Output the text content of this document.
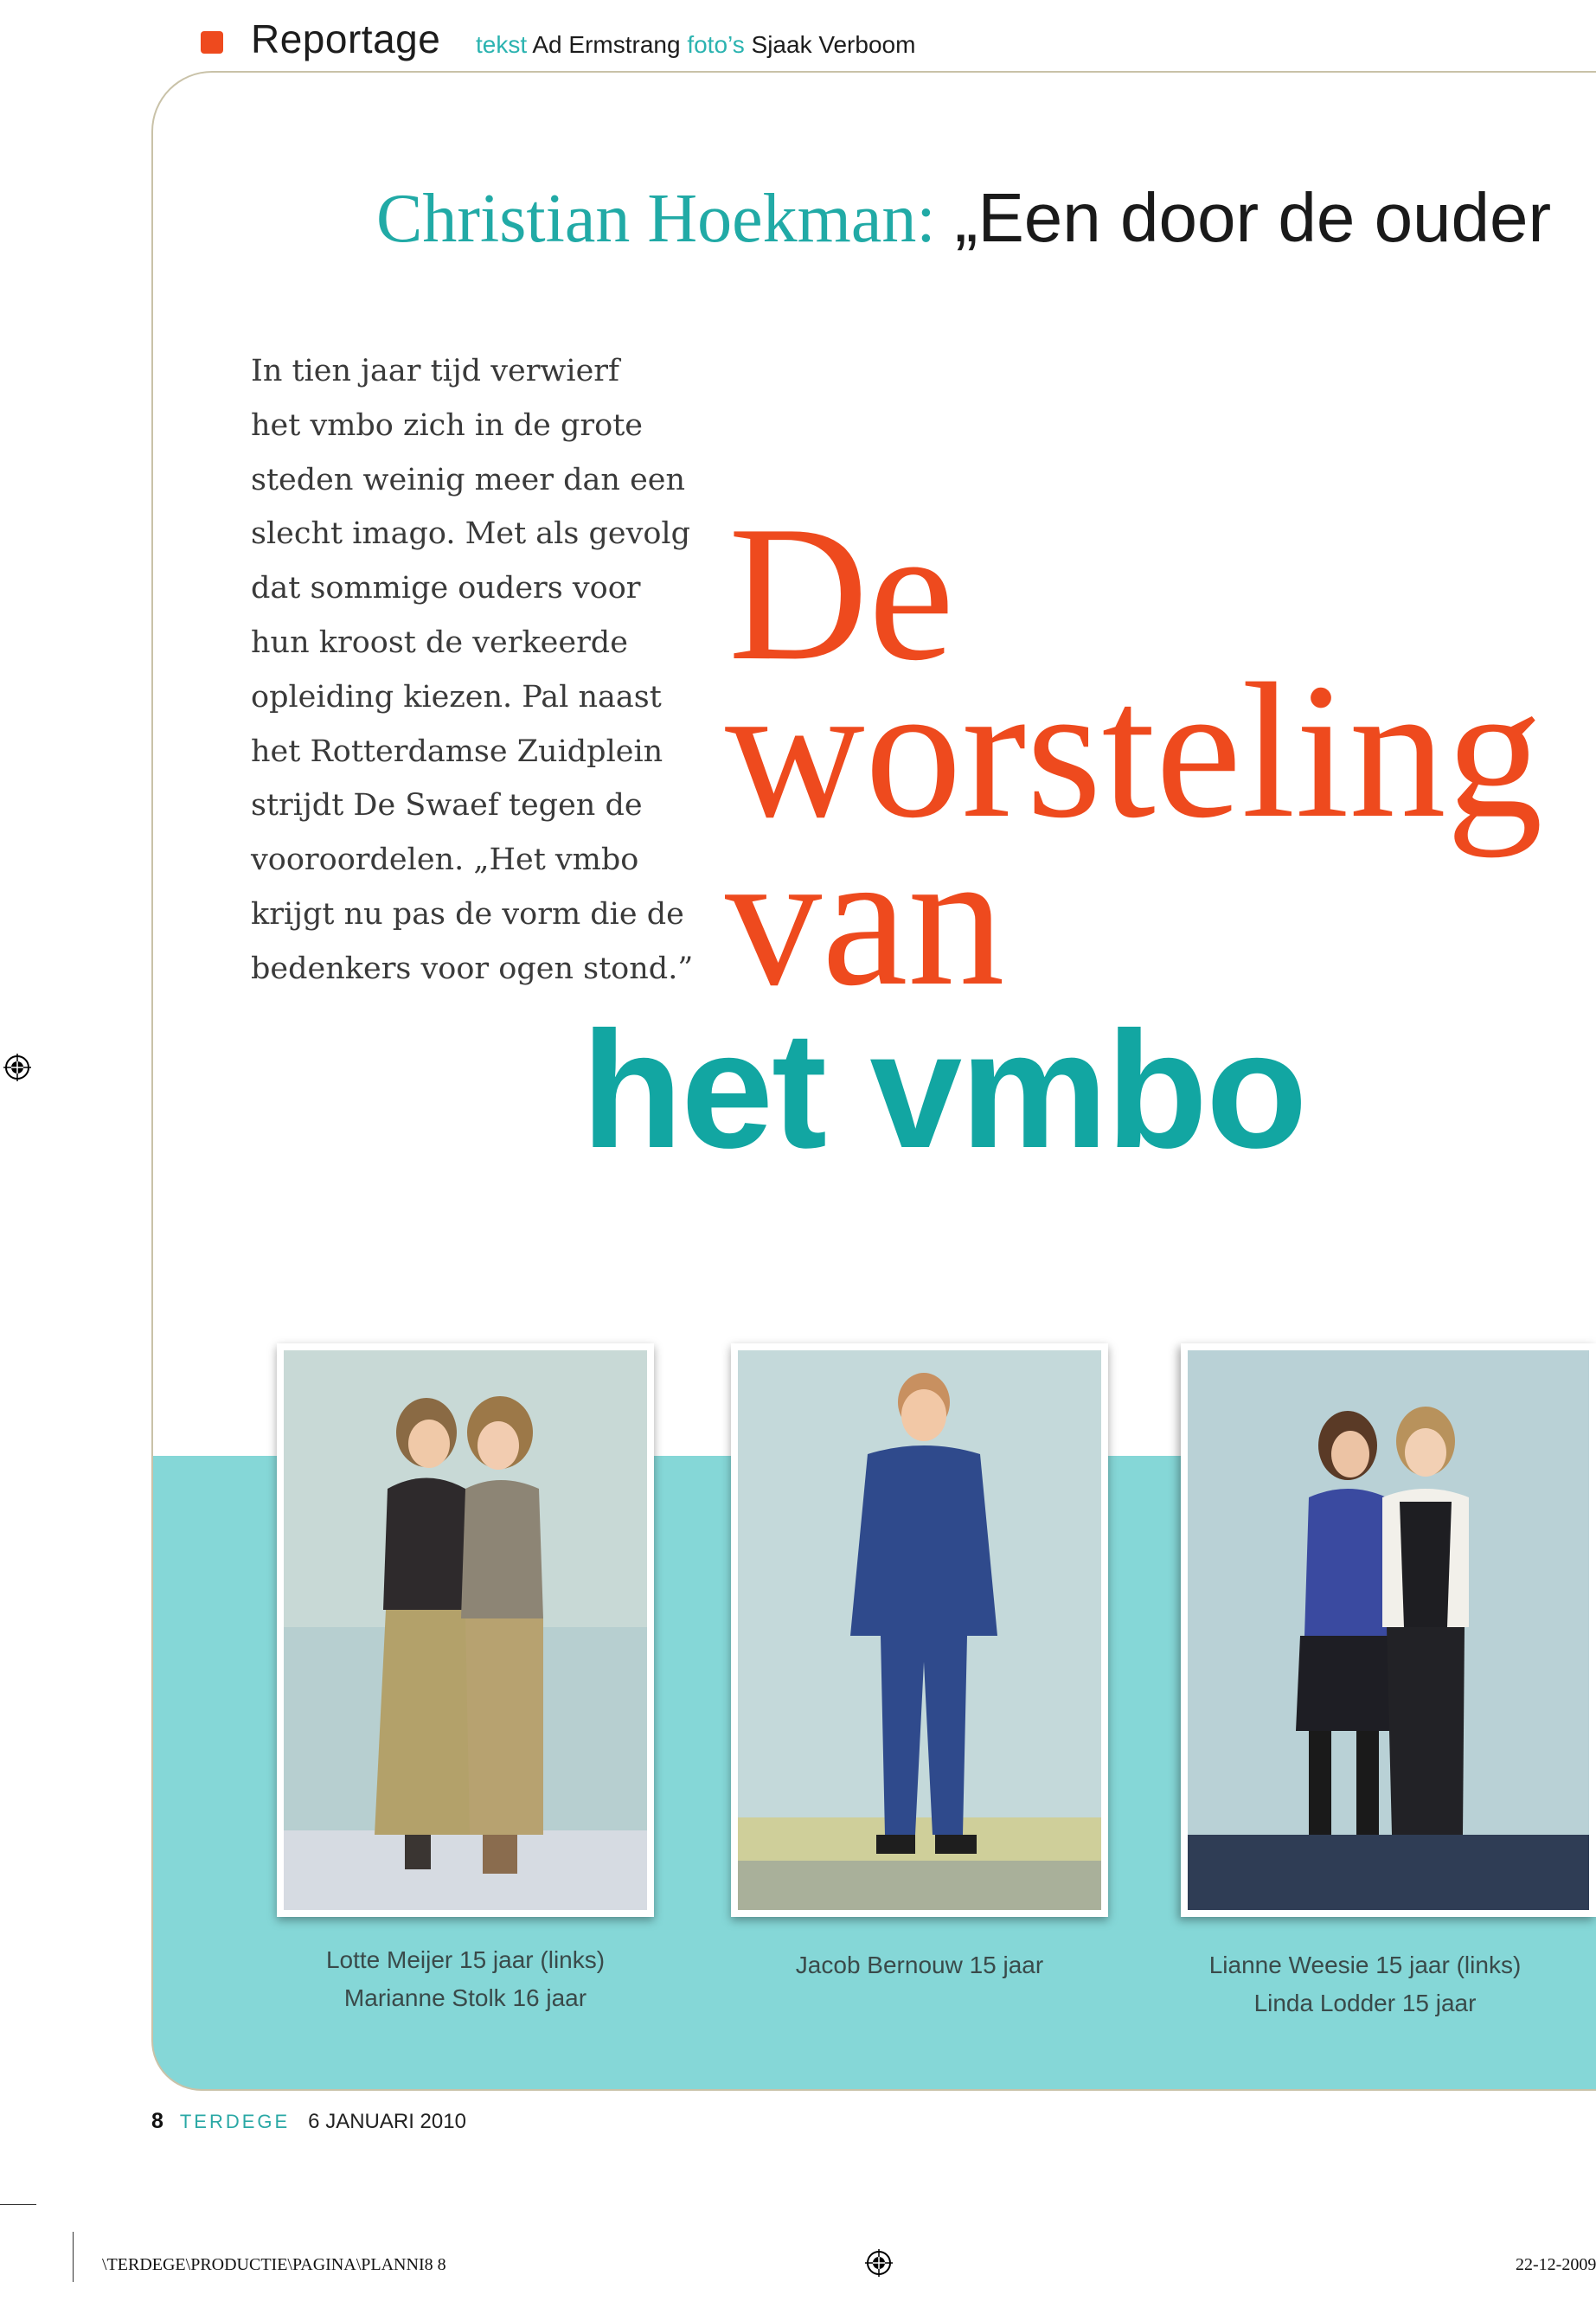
Reportage tekst Ad Ermstrang foto’s Sjaak Verboom
Christian Hoekman: „Een door de ouder
In tien jaar tijd verwierf
het vmbo zich in de grote
steden weinig meer dan een
slecht imago. Met als gevolg
dat sommige ouders voor
hun kroost de verkeerde
opleiding kiezen. Pal naast
het Rotterdamse Zuidplein
strijdt De Swaef tegen de
vooroordelen. „Het vmbo
krijgt nu pas de vorm die de
bedenkers voor ogen stond.”
De
worsteling
van
het vmbo
Lotte Meijer 15 jaar (links)
Marianne Stolk 16 jaar
Jacob Bernouw 15 jaar	Lianne Weesie 15 jaar (links)
Linda Lodder 15 jaar
8 TERDEGE 6 JANUARI 2010
\TERDEGE\PRODUCTIE\PAGINA\PLANNI8 8	22-12-2009
